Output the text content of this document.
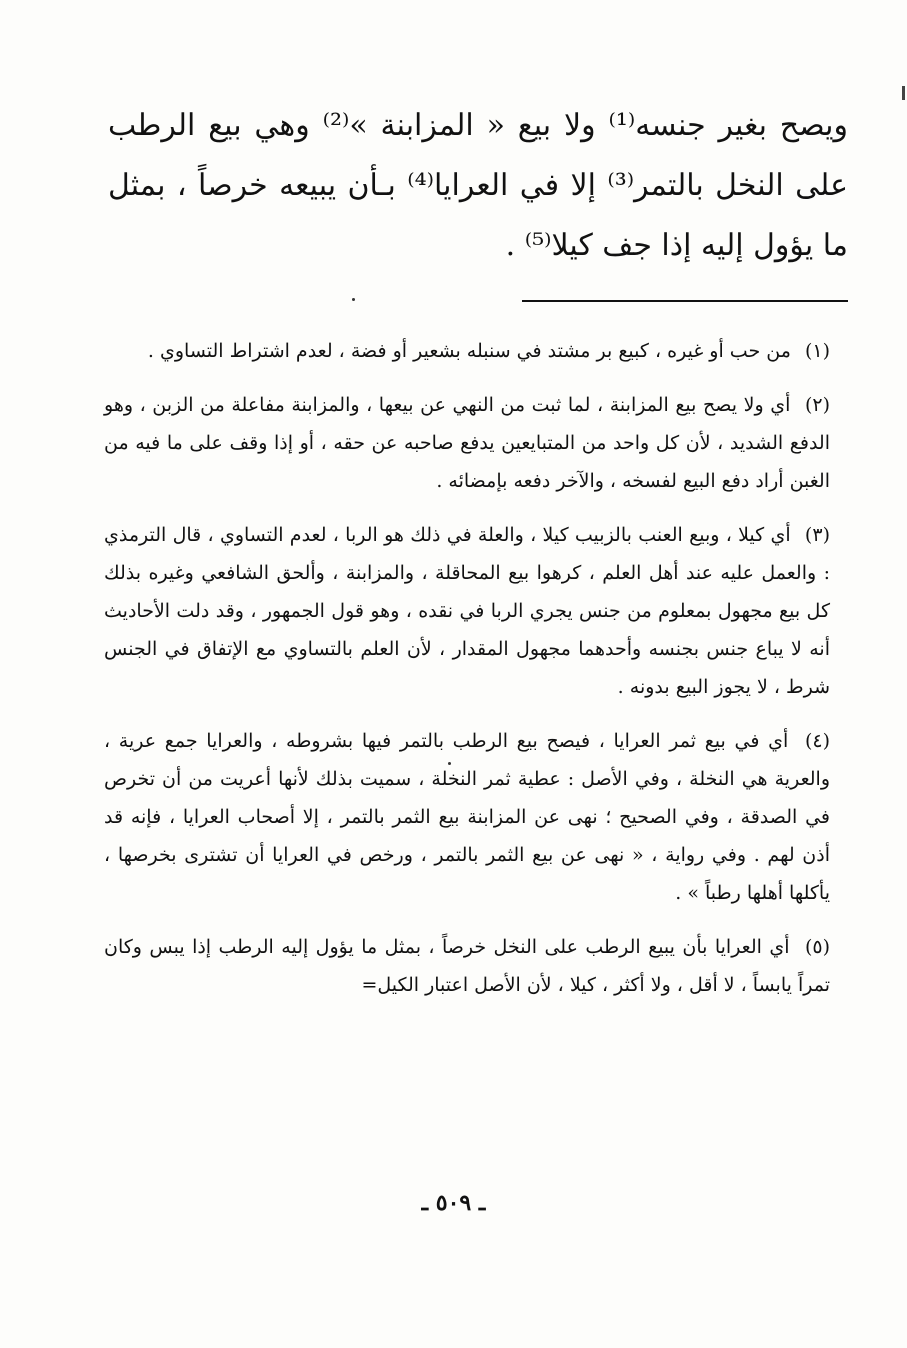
ويصح بغير جنسه⁽¹⁾ ولا بيع « المزابنة »⁽²⁾ وهي بيع الرطب على النخل بالتمر⁽³⁾ إلا في العرايا⁽⁴⁾ بـأن يبيعه خرصاً ، بمثل ما يؤول إليه إذا جف كيلا⁽⁵⁾ .

(١) من حب أو غيره ، كبيع بر مشتد في سنبله بشعير أو فضة ، لعدم اشتراط التساوي .

(٢) أي ولا يصح بيع المزابنة ، لما ثبت من النهي عن بيعها ، والمزابنة مفاعلة من الزبن ، وهو الدفع الشديد ، لأن كل واحد من المتبايعين يدفع صاحبه عن حقه ، أو إذا وقف على ما فيه من الغبن أراد دفع البيع لفسخه ، والآخر دفعه بإمضائه .

(٣) أي كيلا ، وبيع العنب بالزبيب كيلا ، والعلة في ذلك هو الربا ، لعدم التساوي ، قال الترمذي : والعمل عليه عند أهل العلم ، كرهوا بيع المحاقلة ، والمزابنة ، وألحق الشافعي وغيره بذلك كل بيع مجهول بمعلوم من جنس يجري الربا في نقده ، وهو قول الجمهور ، وقد دلت الأحاديث أنه لا يباع جنس بجنسه وأحدهما مجهول المقدار ، لأن العلم بالتساوي مع الإتفاق في الجنس شرط ، لا يجوز البيع بدونه .

(٤) أي في بيع ثمر العرايا ، فيصح بيع الرطب بالتمر فيها بشروطه ، والعرايا جمع عرية ، والعرية هي النخلة ، وفي الأصل : عطية ثمر النخلة ، سميت بذلك لأنها أعريت من أن تخرص في الصدقة ، وفي الصحيح ؛ نهى عن المزابنة بيع الثمر بالتمر ، إلا أصحاب العرايا ، فإنه قد أذن لهم . وفي رواية ، « نهى عن بيع الثمر بالتمر ، ورخص في العرايا أن تشترى بخرصها ، يأكلها أهلها رطباً » .

(٥) أي العرايا بأن يبيع الرطب على النخل خرصاً ، بمثل ما يؤول إليه الرطب إذا يبس وكان تمراً يابساً ، لا أقل ، ولا أكثر ، كيلا ، لأن الأصل اعتبار الكيل=

ـ ٥٠٩ ـ
